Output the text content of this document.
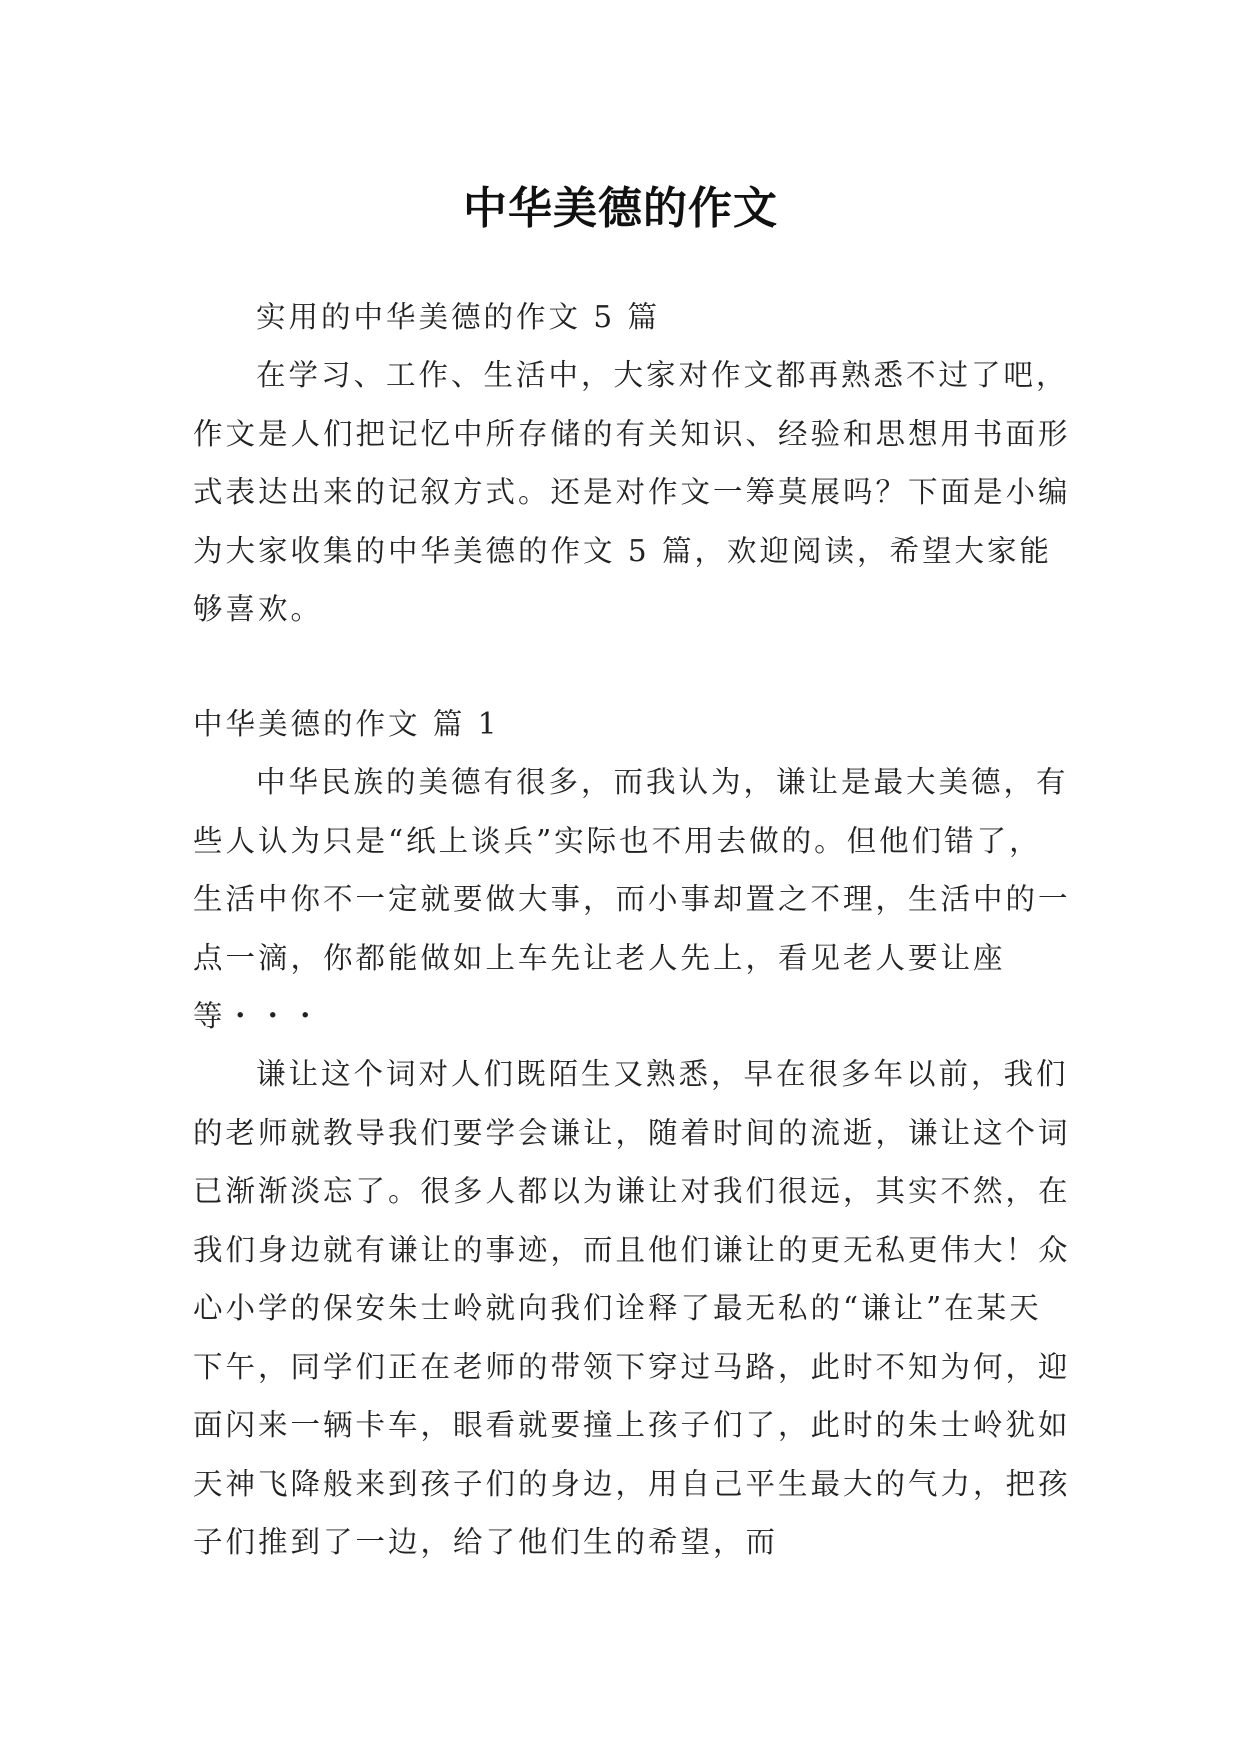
中华美德的作文

实用的中华美德的作文 5 篇

在学习、工作、生活中，大家对作文都再熟悉不过了吧，作文是人们把记忆中所存储的有关知识、经验和思想用书面形式表达出来的记叙方式。还是对作文一筹莫展吗？下面是小编为大家收集的中华美德的作文 5 篇，欢迎阅读，希望大家能够喜欢。

中华美德的作文 篇 1

中华民族的美德有很多，而我认为，谦让是最大美德，有些人认为只是“纸上谈兵”实际也不用去做的。但他们错了，生活中你不一定就要做大事，而小事却置之不理，生活中的一点一滴，你都能做如上车先让老人先上，看见老人要让座等・・・

谦让这个词对人们既陌生又熟悉，早在很多年以前，我们的老师就教导我们要学会谦让，随着时间的流逝，谦让这个词已渐渐淡忘了。很多人都以为谦让对我们很远，其实不然，在我们身边就有谦让的事迹，而且他们谦让的更无私更伟大！众心小学的保安朱士岭就向我们诠释了最无私的“谦让”在某天下午，同学们正在老师的带领下穿过马路，此时不知为何，迎面闪来一辆卡车，眼看就要撞上孩子们了，此时的朱士岭犹如天神飞降般来到孩子们的身边，用自己平生最大的气力，把孩子们推到了一边，给了他们生的希望，而
